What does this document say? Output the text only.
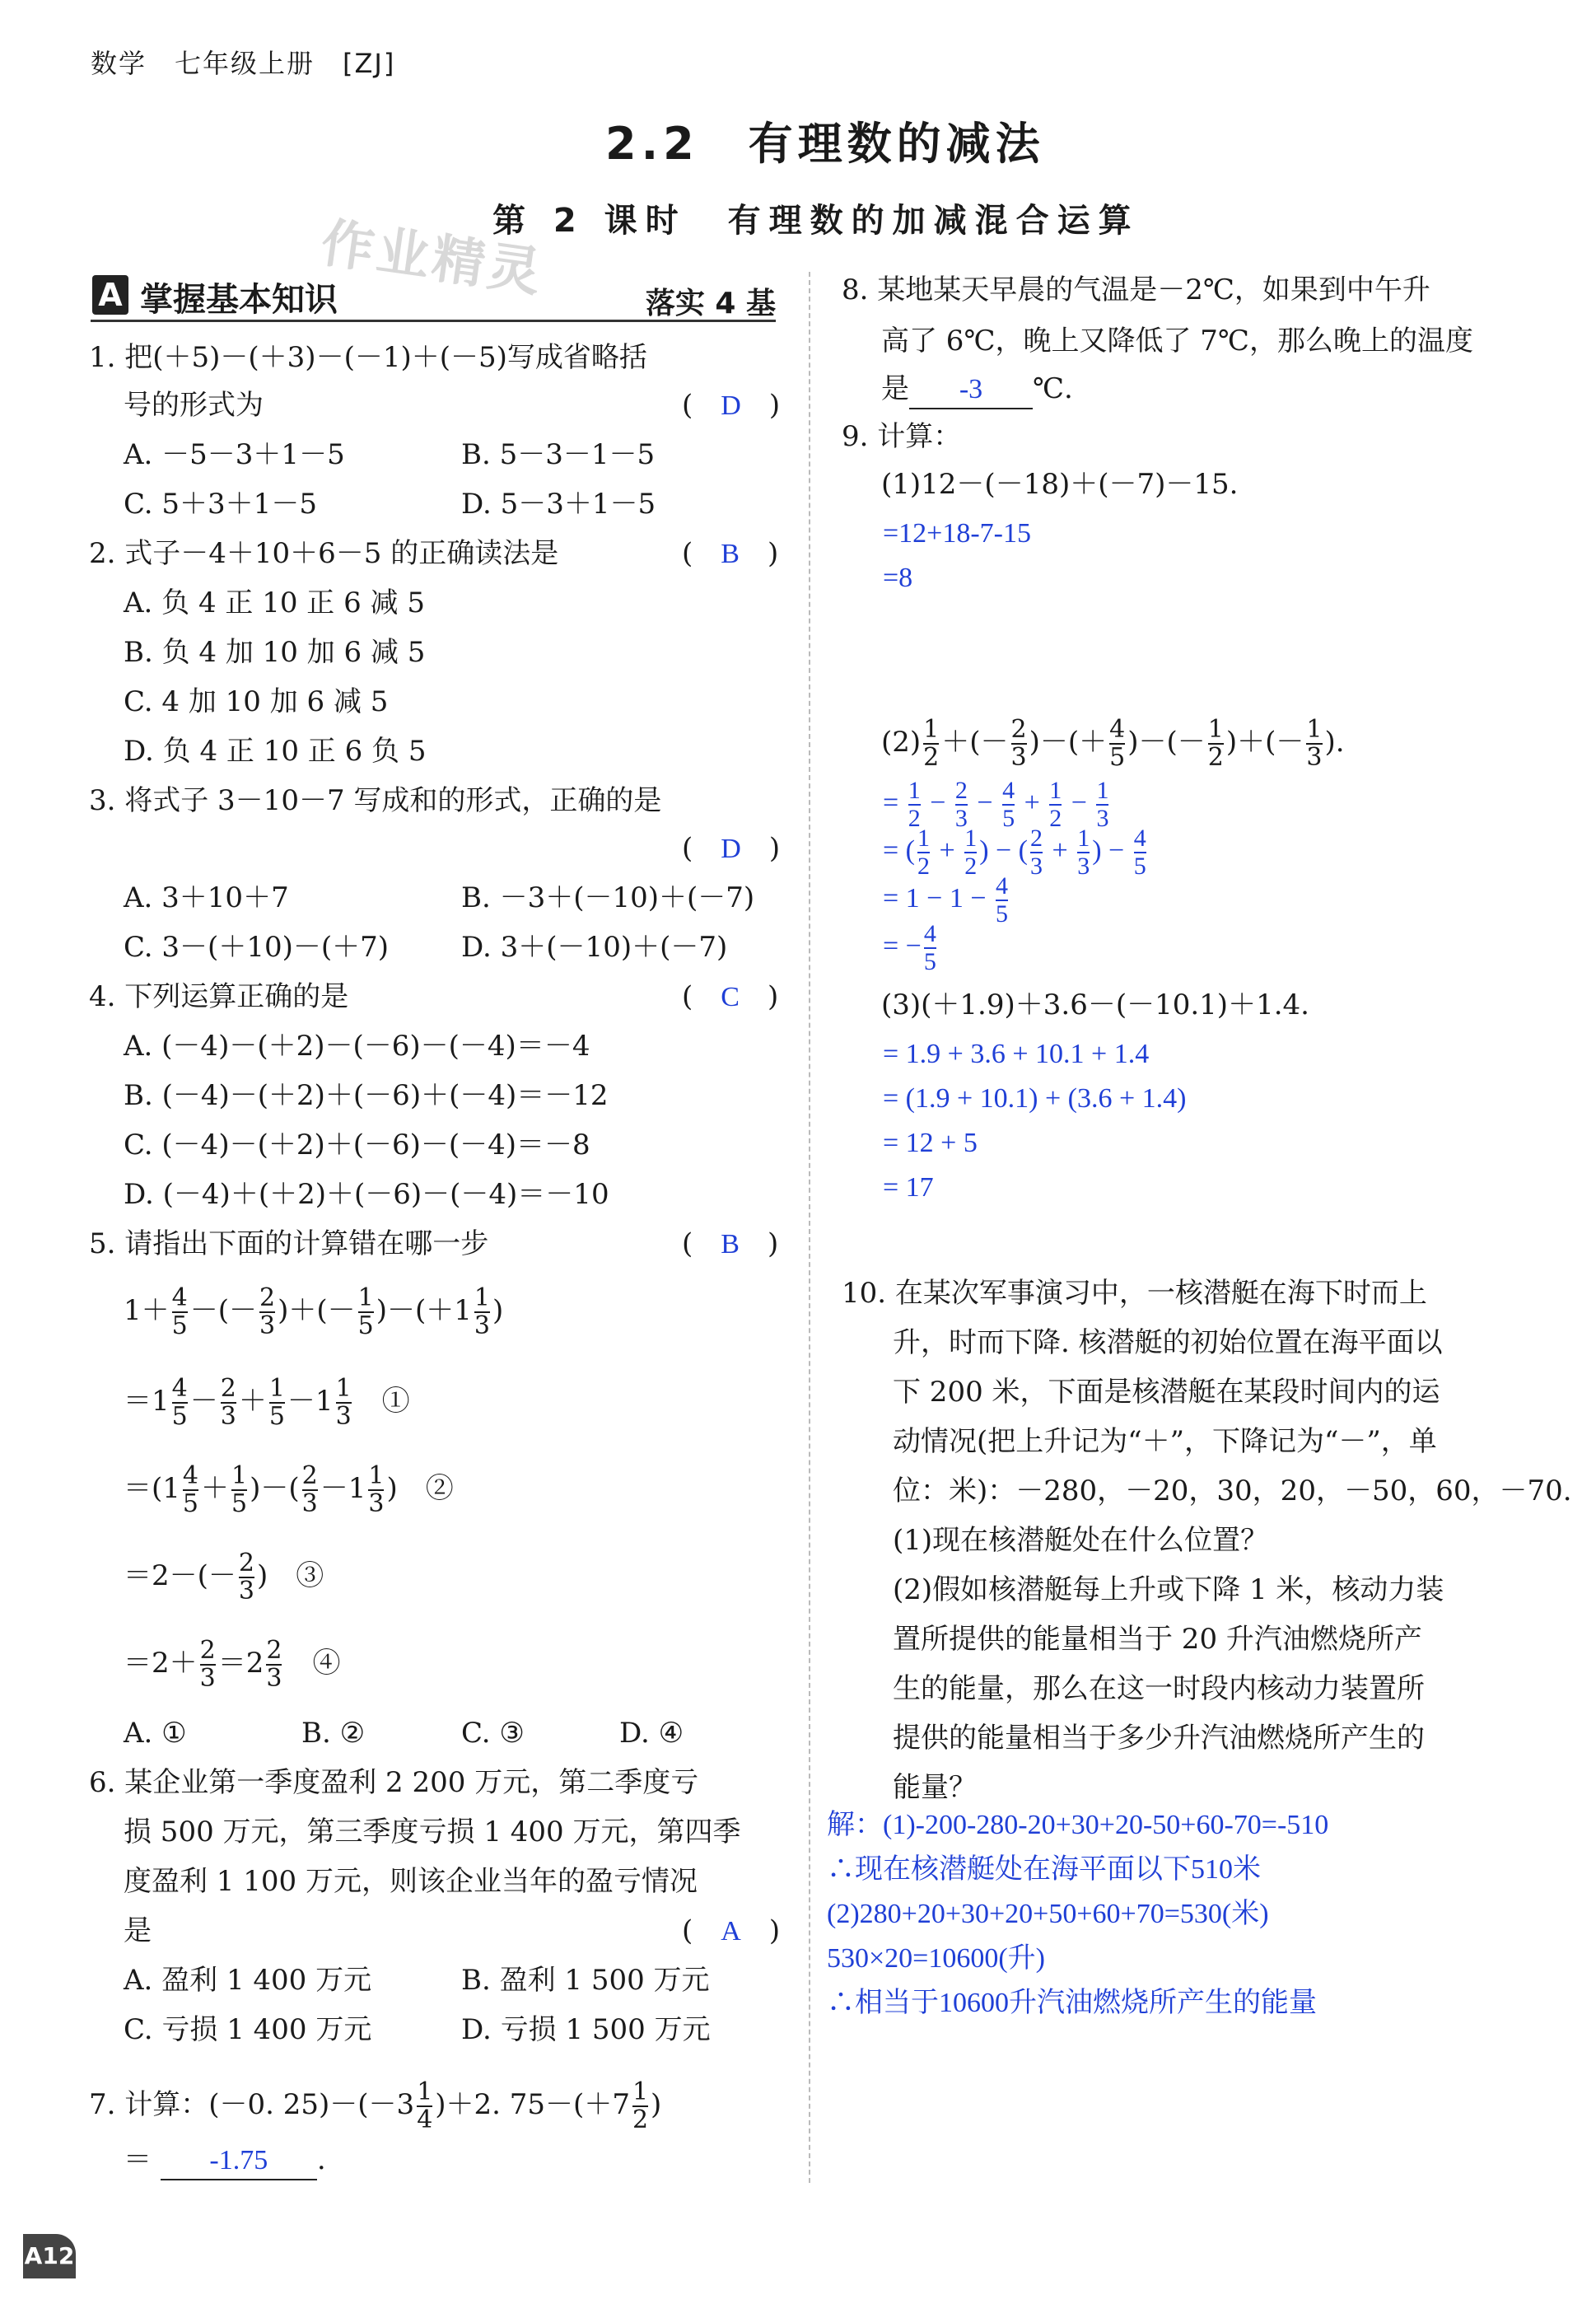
数学　七年级上册　[ZJ]
2.2　有理数的减法
第 2 课时　有理数的加减混合运算
作业精灵
A 掌握基本知识	落实 4 基
1. 把(＋5)－(＋3)－(－1)＋(－5)写成省略括
号的形式为	(　D　)
A. －5－3＋1－5	B. 5－3－1－5
C. 5＋3＋1－5	D. 5－3＋1－5
2. 式子－4＋10＋6－5 的正确读法是	(　B　)
A. 负 4 正 10 正 6 减 5
B. 负 4 加 10 加 6 减 5
C. 4 加 10 加 6 减 5
D. 负 4 正 10 正 6 负 5
3. 将式子 3－10－7 写成和的形式，正确的是
(　D　)
A. 3＋10＋7	B. －3＋(－10)＋(－7)
C. 3－(＋10)－(＋7)	D. 3＋(－10)＋(－7)
4. 下列运算正确的是	(　C　)
A. (－4)－(＋2)－(－6)－(－4)＝－4
B. (－4)－(＋2)＋(－6)＋(－4)＝－12
C. (－4)－(＋2)＋(－6)－(－4)＝－8
D. (－4)＋(＋2)＋(－6)－(－4)＝－10
5. 请指出下面的计算错在哪一步	(　B　)
$1+ \frac{4}{5}$ －(－ $\frac{2}{3}$ )＋(－ $\frac{1}{5} )-(+1 \frac{1}{3}$ )
$=1 \frac{4}{5} - \frac{2}{3} + \frac{1}{5} -1 \frac{1}{3}$ 　①
$=(1 \frac{4}{5} + \frac{1}{5}$ )－( $\frac{2}{3} -1 \frac{1}{3}$ )　②
$=2-(- \frac{2}{3}$ )　③
$=2+ \frac{2}{3} =2 \frac{2}{3}$ 　④
A. ①	B. ②	C. ③	D. ④
6. 某企业第一季度盈利 2 200 万元，第二季度亏
损 500 万元，第三季度亏损 1 400 万元，第四季
度盈利 1 100 万元，则该企业当年的盈亏情况
是	(　A　)
A. 盈利 1 400 万元	B. 盈利 1 500 万元
C. 亏损 1 400 万元	D. 亏损 1 500 万元
7. 计算：(－0. $25)-(-3 \frac{1}{4} )+2$. $75-(+7 \frac{1}{2}$ )
＝ -1.75 .
8. 某地某天早晨的气温是－2℃，如果到中午升
高了 6℃，晚上又降低了 7℃，那么晚上的温度
是 -3 ℃.
9. 计算：
(1)12－(－18)＋(－7)－15.
=12+18-7-15
=8
$(2) \frac{1}{2}$ ＋(－ $\frac{2}{3}$ )－(＋ $\frac{4}{5}$ )－(－ $\frac{1}{2}$ )＋(－ $\frac{1}{3}$ ).
= $\frac{1}{2} - \frac{2}{3} - \frac{4}{5} + \frac{1}{2} - \frac{1}{3}$
= ( $\frac{1}{2} + \frac{1}{2}$ ) − ( $\frac{2}{3} + \frac{1}{3}$ ) − $\frac{4}{5}$
= $1 - 1 - \frac{4}{5}$
= − $\frac{4}{5}$
(3)(＋1.9)＋3.6－(－10.1)＋1.4.
= 1.9 + 3.6 + 10.1 + 1.4
= (1.9 + 10.1) + (3.6 + 1.4)
= 12 + 5
= 17
10. 在某次军事演习中，一核潜艇在海下时而上
升，时而下降. 核潜艇的初始位置在海平面以
下 200 米，下面是核潜艇在某段时间内的运
动情况(把上升记为“＋”，下降记为“－”，单
位：米)：－280，－20，30，20，－50，60，－70.
(1)现在核潜艇处在什么位置？
(2)假如核潜艇每上升或下降 1 米，核动力装
置所提供的能量相当于 20 升汽油燃烧所产
生的能量，那么在这一时段内核动力装置所
提供的能量相当于多少升汽油燃烧所产生的
能量？
解：(1)-200-280-20+30+20-50+60-70=-510
∴现在核潜艇处在海平面以下510米
(2)280+20+30+20+50+60+70=530(米)
530×20=10600(升)
∴相当于10600升汽油燃烧所产生的能量
A12
